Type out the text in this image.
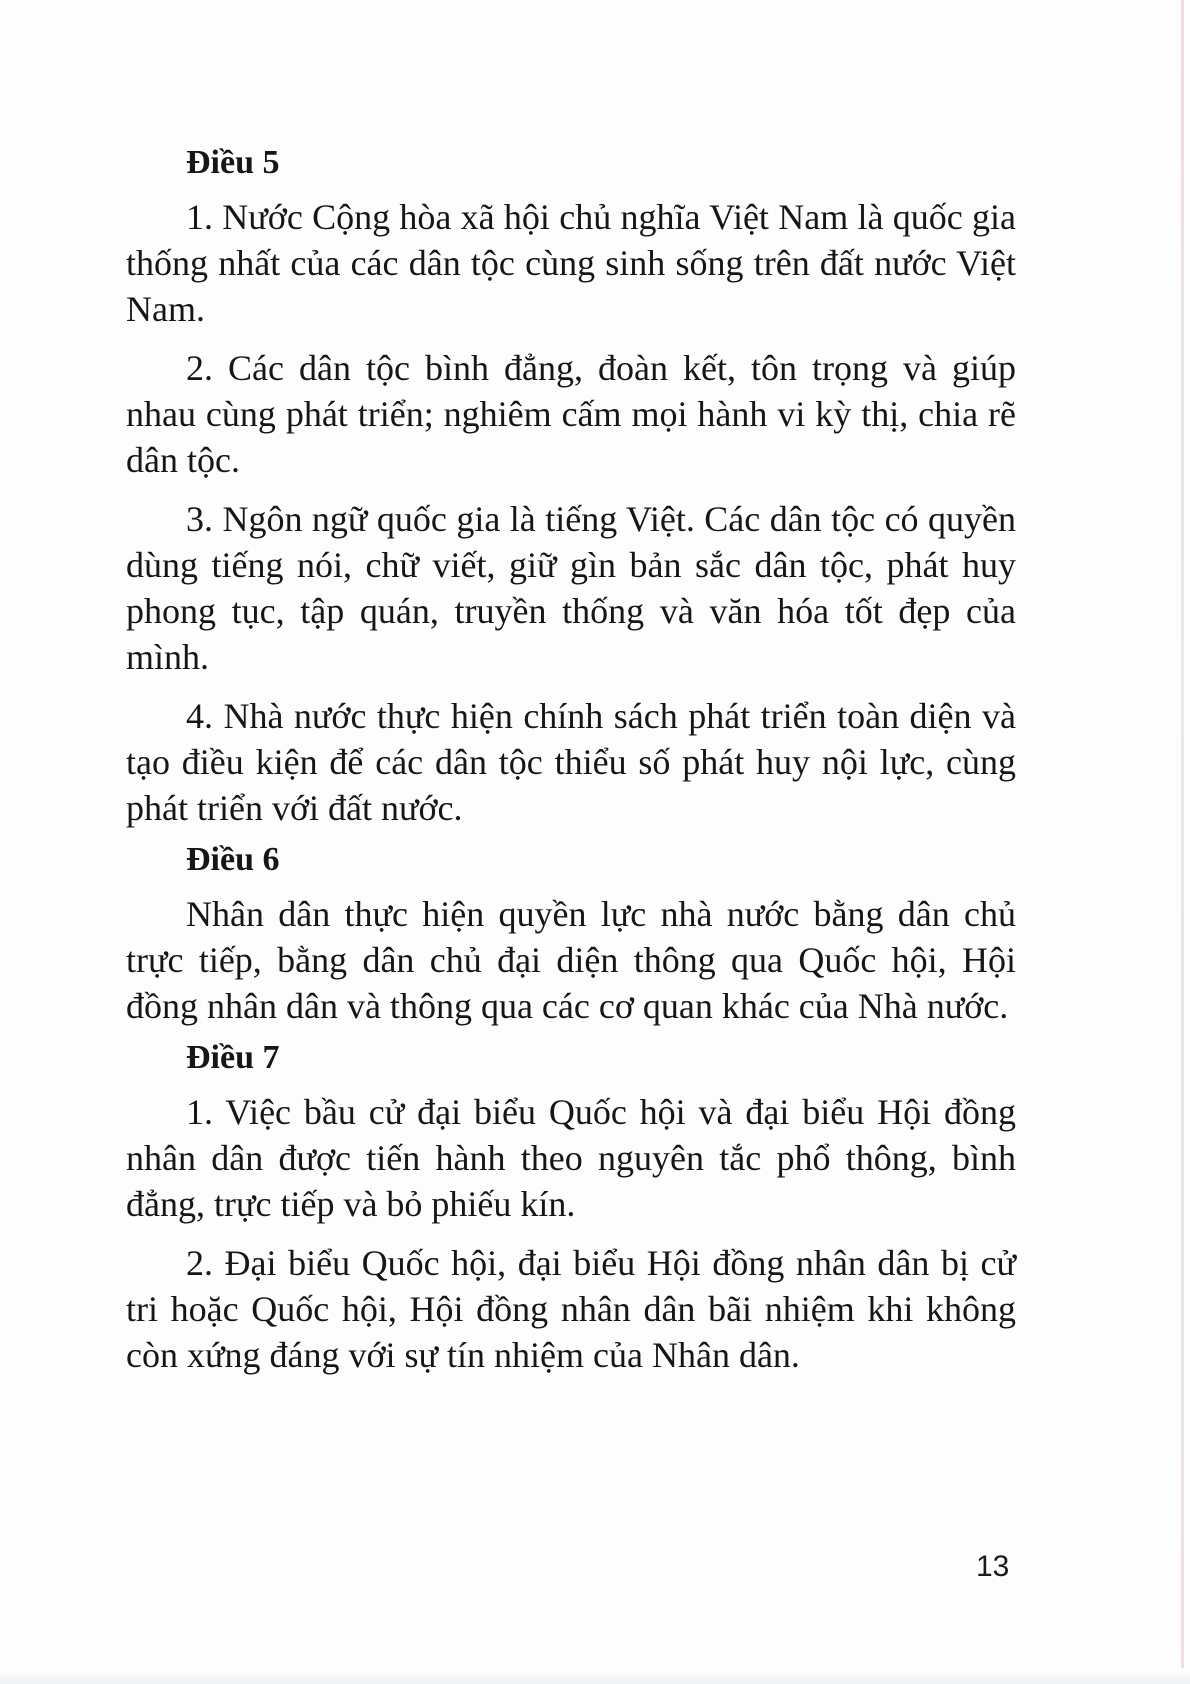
Điều 5

1. Nước Cộng hòa xã hội chủ nghĩa Việt Nam là quốc gia thống nhất của các dân tộc cùng sinh sống trên đất nước Việt Nam.

2. Các dân tộc bình đẳng, đoàn kết, tôn trọng và giúp nhau cùng phát triển; nghiêm cấm mọi hành vi kỳ thị, chia rẽ dân tộc.

3. Ngôn ngữ quốc gia là tiếng Việt. Các dân tộc có quyền dùng tiếng nói, chữ viết, giữ gìn bản sắc dân tộc, phát huy phong tục, tập quán, truyền thống và văn hóa tốt đẹp của mình.

4. Nhà nước thực hiện chính sách phát triển toàn diện và tạo điều kiện để các dân tộc thiểu số phát huy nội lực, cùng phát triển với đất nước.

Điều 6

Nhân dân thực hiện quyền lực nhà nước bằng dân chủ trực tiếp, bằng dân chủ đại diện thông qua Quốc hội, Hội đồng nhân dân và thông qua các cơ quan khác của Nhà nước.

Điều 7

1. Việc bầu cử đại biểu Quốc hội và đại biểu Hội đồng nhân dân được tiến hành theo nguyên tắc phổ thông, bình đẳng, trực tiếp và bỏ phiếu kín.

2. Đại biểu Quốc hội, đại biểu Hội đồng nhân dân bị cử tri hoặc Quốc hội, Hội đồng nhân dân bãi nhiệm khi không còn xứng đáng với sự tín nhiệm của Nhân dân.

13
